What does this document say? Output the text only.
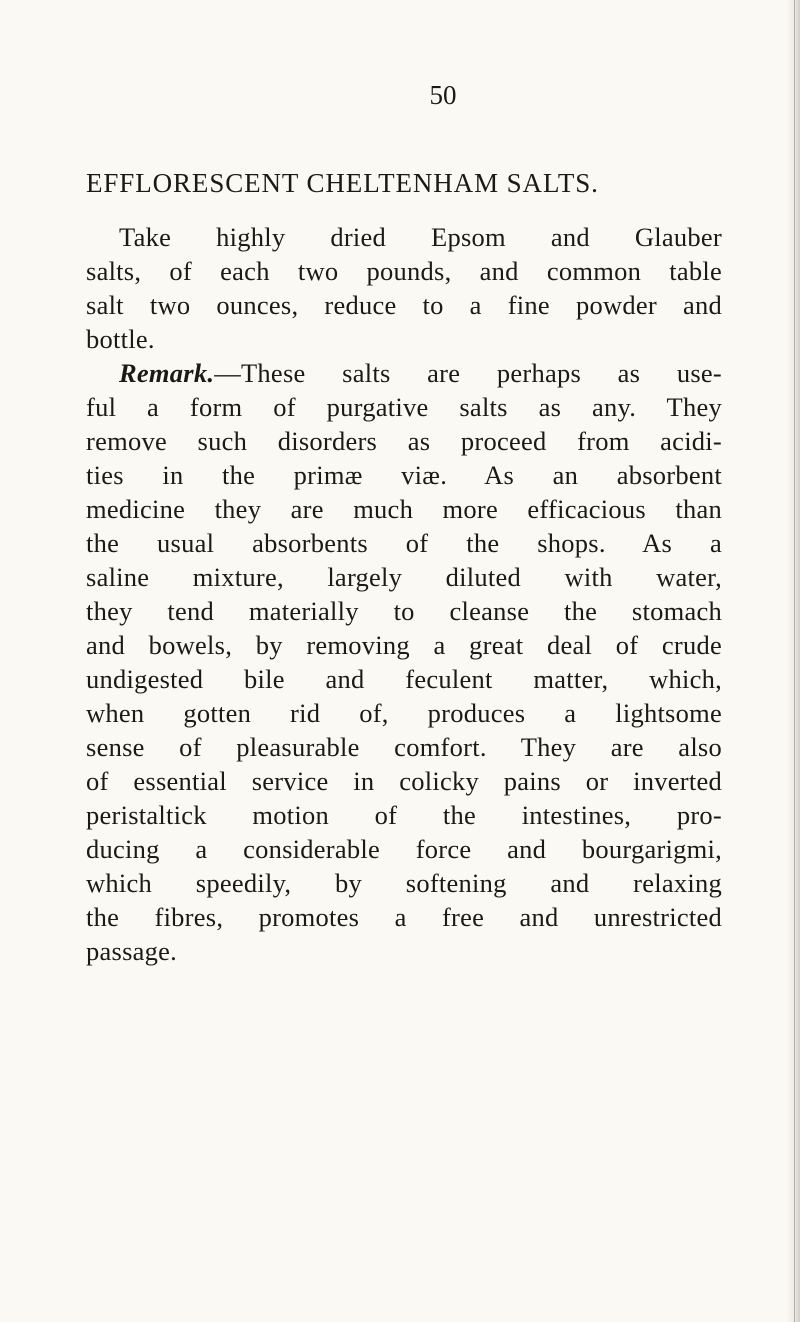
50
EFFLORESCENT CHELTENHAM SALTS.
Take highly dried Epsom and Glauber
salts, of each two pounds, and common table
salt two ounces, reduce to a fine powder and
bottle.
Remark.—These salts are perhaps as use-
ful a form of purgative salts as any. They
remove such disorders as proceed from acidi-
ties in the primæ viæ. As an absorbent
medicine they are much more efficacious than
the usual absorbents of the shops. As a
saline mixture, largely diluted with water,
they tend materially to cleanse the stomach
and bowels, by removing a great deal of crude
undigested bile and feculent matter, which,
when gotten rid of, produces a lightsome
sense of pleasurable comfort. They are also
of essential service in colicky pains or inverted
peristaltick motion of the intestines, pro-
ducing a considerable force and bourgarigmi,
which speedily, by softening and relaxing
the fibres, promotes a free and unrestricted
passage.
